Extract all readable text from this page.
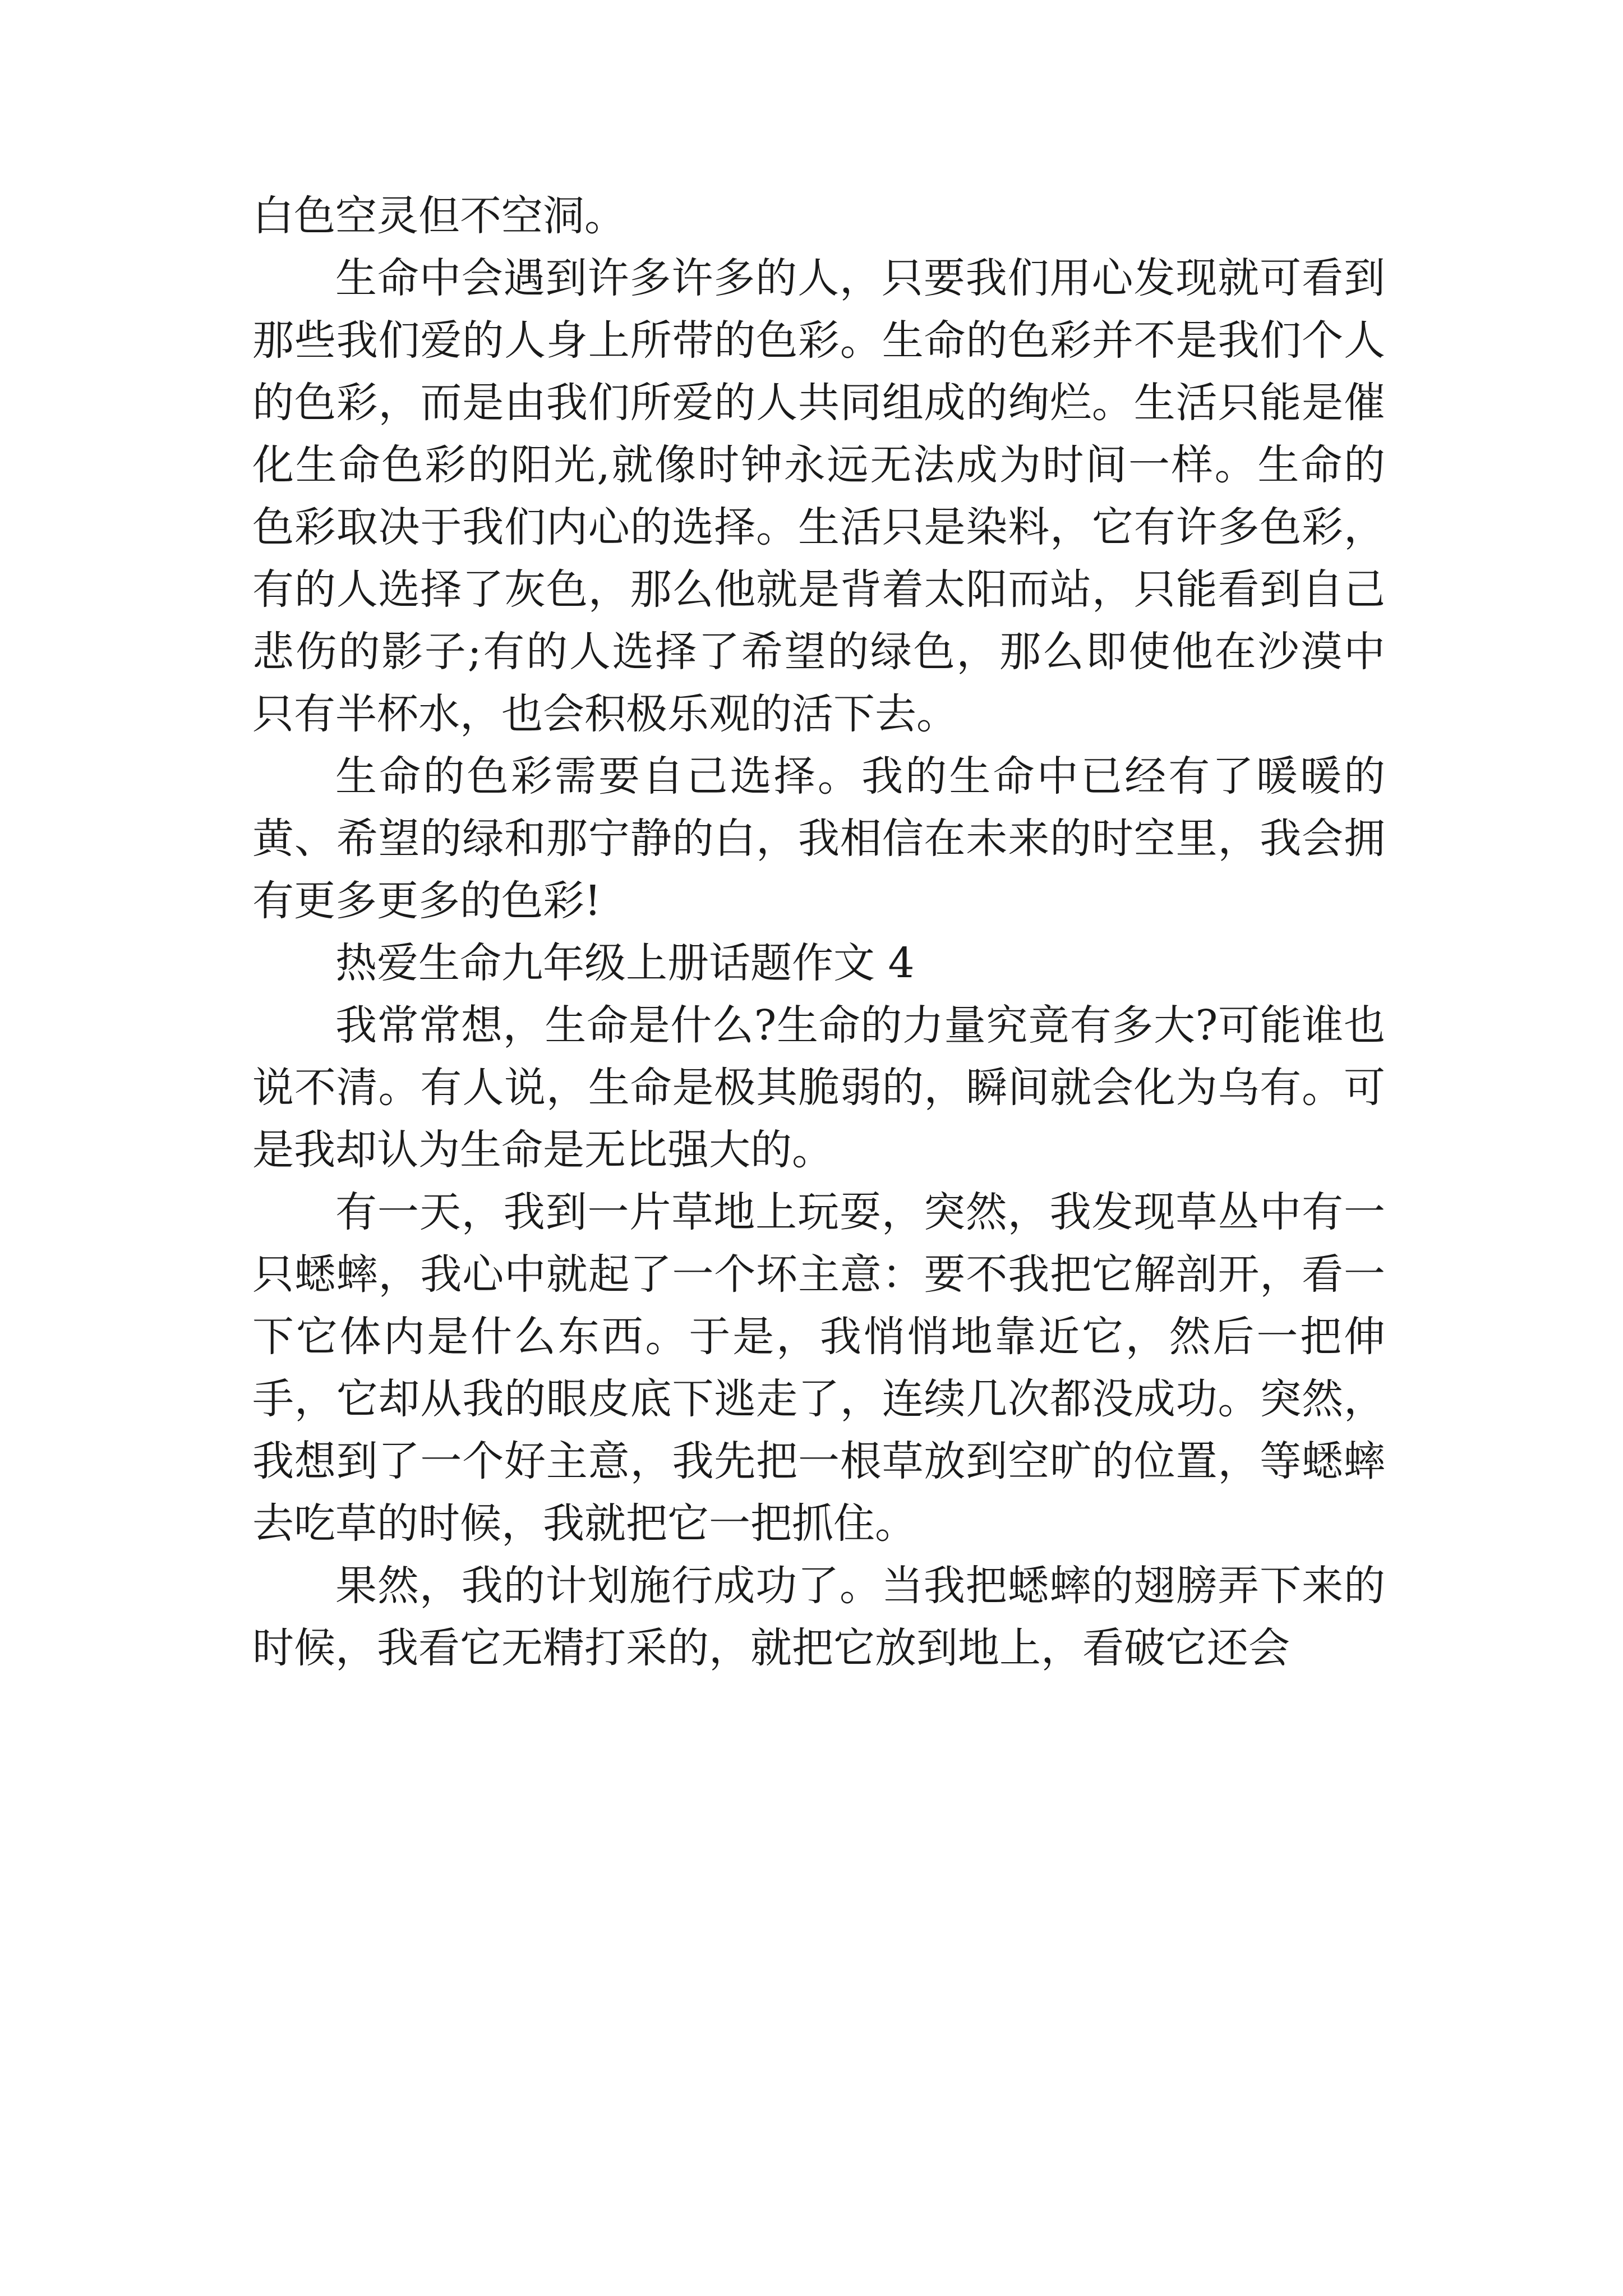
白色空灵但不空洞。

生命中会遇到许多许多的人，只要我们用心发现就可看到那些我们爱的人身上所带的色彩。生命的色彩并不是我们个人的色彩，而是由我们所爱的人共同组成的绚烂。生活只能是催化生命色彩的阳光,就像时钟永远无法成为时间一样。生命的色彩取决于我们内心的选择。生活只是染料，它有许多色彩，有的人选择了灰色，那么他就是背着太阳而站，只能看到自己悲伤的影子;有的人选择了希望的绿色，那么即使他在沙漠中只有半杯水，也会积极乐观的活下去。

生命的色彩需要自己选择。我的生命中已经有了暖暖的黄、希望的绿和那宁静的白，我相信在未来的时空里，我会拥有更多更多的色彩!

热爱生命九年级上册话题作文 4

我常常想，生命是什么?生命的力量究竟有多大?可能谁也说不清。有人说，生命是极其脆弱的，瞬间就会化为乌有。可是我却认为生命是无比强大的。

有一天，我到一片草地上玩耍，突然，我发现草丛中有一只蟋蟀，我心中就起了一个坏主意：要不我把它解剖开，看一下它体内是什么东西。于是，我悄悄地靠近它，然后一把伸手，它却从我的眼皮底下逃走了，连续几次都没成功。突然，我想到了一个好主意，我先把一根草放到空旷的位置，等蟋蟀去吃草的时候，我就把它一把抓住。

果然，我的计划施行成功了。当我把蟋蟀的翅膀弄下来的时候，我看它无精打采的，就把它放到地上，看破它还会
